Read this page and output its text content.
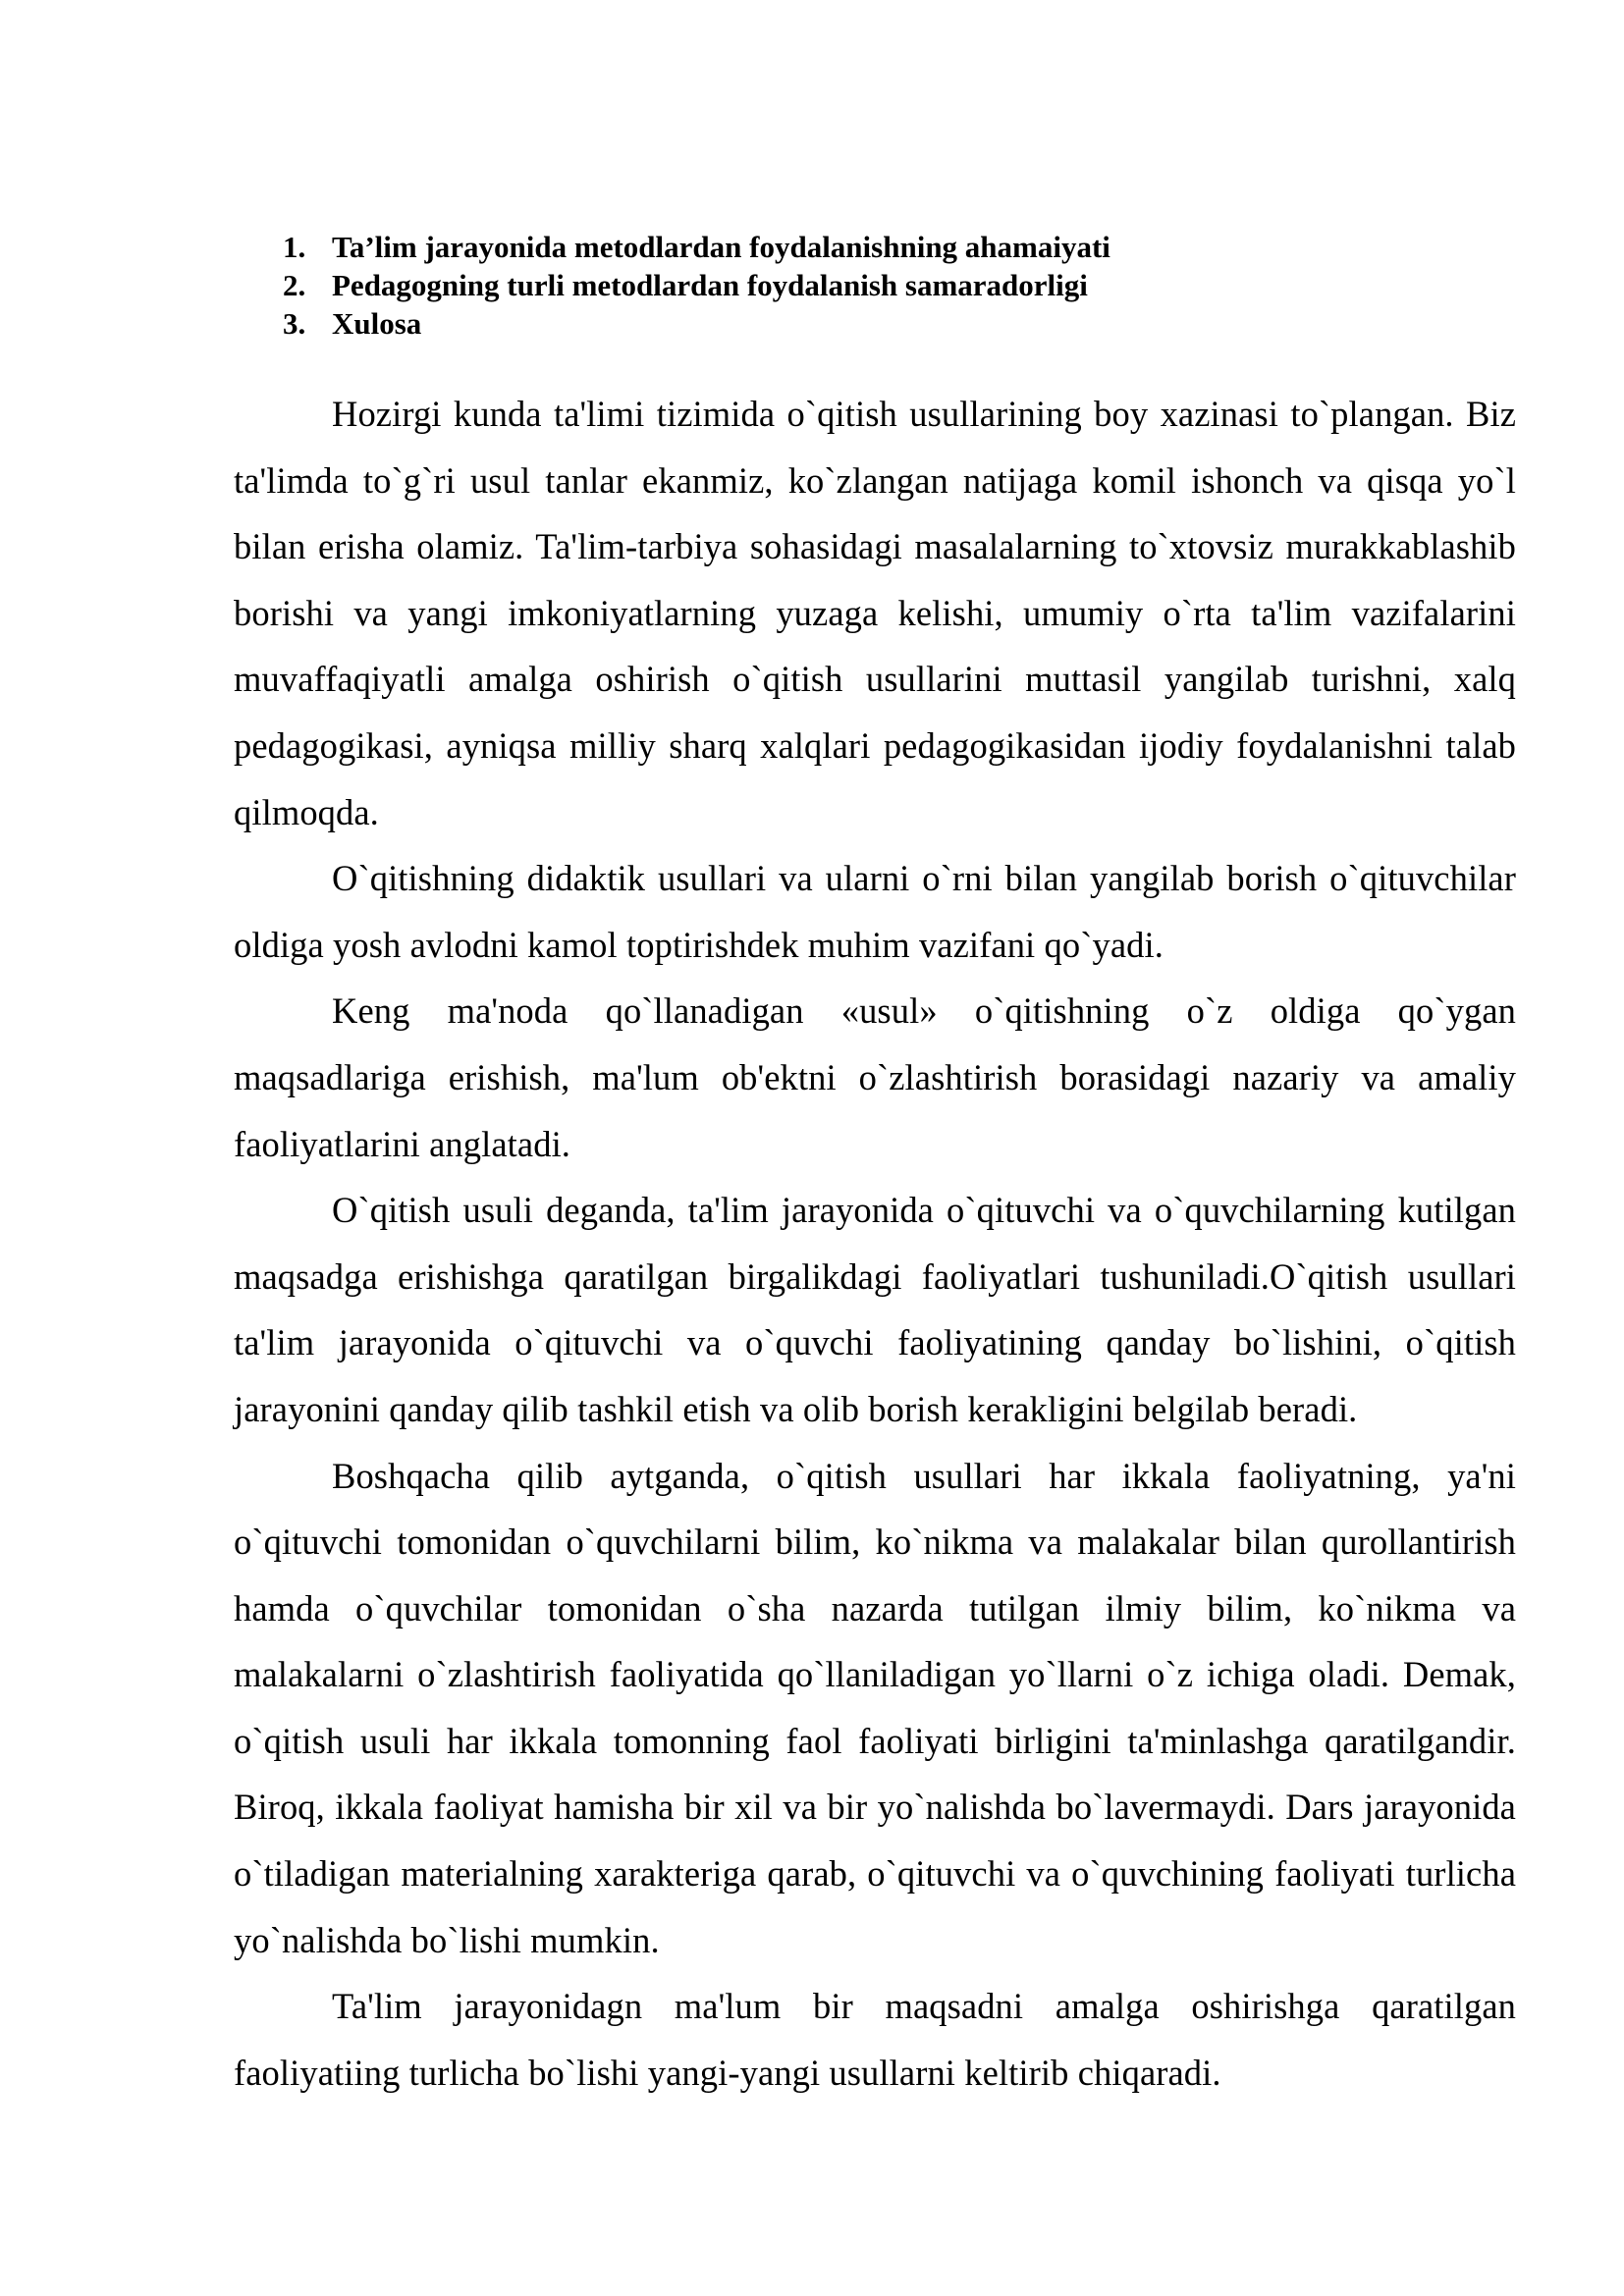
1. Ta’lim jarayonida metodlardan foydalanishning ahamaiyati
2. Pedagogning turli metodlardan foydalanish samaradorligi
3. Xulosa

Hozirgi kunda ta'limi tizimida o`qitish usullarining boy xazinasi to`plangan. Biz ta'limda to`g`ri usul tanlar ekanmiz, ko`zlangan natijaga komil ishonch va qisqa yo`l bilan erisha olamiz. Ta'lim-tarbiya sohasidagi masalalarning to`xtovsiz murakkablashib borishi va yangi imkoniyatlarning yuzaga kelishi, umumiy o`rta ta'lim vazifalarini muvaffaqiyatli amalga oshirish o`qitish usullarini muttasil yangilab turishni, xalq pedagogikasi, ayniqsa milliy sharq xalqlari pedagogikasidan ijodiy foydalanishni talab qilmoqda.

O`qitishning didaktik usullari va ularni o`rni bilan yangilab borish o`qituvchilar oldiga yosh avlodni kamol toptirishdek muhim vazifani qo`yadi.

Keng ma'noda qo`llanadigan «usul» o`qitishning o`z oldiga qo`ygan maqsadlariga erishish, ma'lum ob'ektni o`zlashtirish borasidagi nazariy va amaliy faoliyatlarini anglatadi.

O`qitish usuli deganda, ta'lim jarayonida o`qituvchi va o`quvchilarning kutilgan maqsadga erishishga qaratilgan birgalikdagi faoliyatlari tushuniladi.O`qitish usullari ta'lim jarayonida o`qituvchi va o`quvchi faoliyatining qanday bo`lishini, o`qitish jarayonini qanday qilib tashkil etish va olib borish kerakligini belgilab beradi.

Boshqacha qilib aytganda, o`qitish usullari har ikkala faoliyatning, ya'ni o`qituvchi tomonidan o`quvchilarni bilim, ko`nikma va malakalar bilan qurollantirish hamda o`quvchilar tomonidan o`sha nazarda tutilgan ilmiy bilim, ko`nikma va malakalarni o`zlashtirish faoliyatida qo`llaniladigan yo`llarni o`z ichiga oladi. Demak, o`qitish usuli har ikkala tomonning faol faoliyati birligini ta'minlashga qaratilgandir. Biroq, ikkala faoliyat hamisha bir xil va bir yo`nalishda bo`lavermaydi. Dars jarayonida o`tiladigan materialning xarakteriga qarab, o`qituvchi va o`quvchining faoliyati turlicha yo`nalishda bo`lishi mumkin.

Ta'lim jarayonidagn ma'lum bir maqsadni amalga oshirishga qaratilgan faoliyatiing turlicha bo`lishi yangi-yangi usullarni keltirib chiqaradi.
